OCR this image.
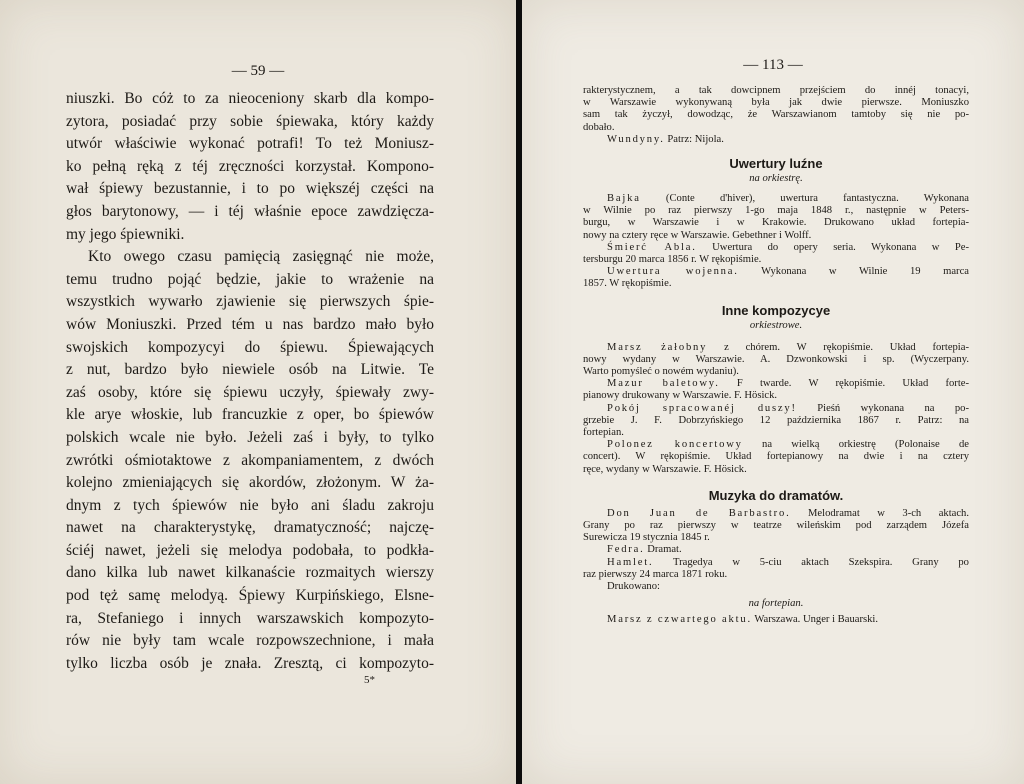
— 59 —
niuszki. Bo cóż to za nieoceniony skarb dla kompo-
zytora, posiadać przy sobie śpiewaka, który każdy
utwór właściwie wykonać potrafi! To też Moniusz-
ko pełną ręką z téj zręczności korzystał. Kompono-
wał śpiewy bezustannie, i to po większéj części na
głos barytonowy, — i téj właśnie epoce zawdzięcza-
my jego śpiewniki.
Kto owego czasu pamięcią zasięgnąć nie może,
temu trudno pojąć będzie, jakie to wrażenie na
wszystkich wywarło zjawienie się pierwszych śpie-
wów Moniuszki. Przed tém u nas bardzo mało było
swojskich kompozycyi do śpiewu. Śpiewających
z nut, bardzo było niewiele osób na Litwie. Te
zaś osoby, które się śpiewu uczyły, śpiewały zwy-
kle arye włoskie, lub francuzkie z oper, bo śpiewów
polskich wcale nie było. Jeżeli zaś i były, to tylko
zwrótki ośmiotaktowe z akompaniamentem, z dwóch
kolejno zmieniających się akordów, złożonym. W ża-
dnym z tych śpiewów nie było ani śladu zakroju
nawet na charakterystykę, dramatyczność; najczę-
ściéj nawet, jeżeli się melodya podobała, to podkła-
dano kilka lub nawet kilkanaście rozmaitych wierszy
pod tęż samę melodyą. Śpiewy Kurpińskiego, Elsne-
ra, Stefaniego i innych warszawskich kompozyto-
rów nie były tam wcale rozpowszechnione, i mała
tylko liczba osób je znała. Zresztą, ci kompozyto-
5*
— 113 —
rakterystycznem, a tak dowcipnem przejściem do innéj tonacyi,
w Warszawie wykonywaną była jak dwie pierwsze. Moniuszko
sam tak życzył, dowodząc, że Warszawianom tamtoby się nie po-
dobało.
Wundyny. Patrz: Nijola.
Uwertury luźne
na orkiestrę.
Bajka (Conte d'hiver), uwertura fantastyczna. Wykonana
w Wilnie po raz pierwszy 1-go maja 1848 r., następnie w Peters-
burgu, w Warszawie i w Krakowie. Drukowano układ fortepia-
nowy na cztery ręce w Warszawie. Gebethner i Wolff.
Śmierć Abla. Uwertura do opery seria. Wykonana w Pe-
tersburgu 20 marca 1856 r. W rękopiśmie.
Uwertura wojenna. Wykonana w Wilnie 19 marca
1857. W rękopiśmie.
Inne kompozycye
orkiestrowe.
Marsz żałobny z chórem. W rękopiśmie. Układ fortepia-
nowy wydany w Warszawie. A. Dzwonkowski i sp. (Wyczerpany.
Warto pomyśleć o nowém wydaniu).
Mazur baletowy. F twarde. W rękopiśmie. Układ forte-
pianowy drukowany w Warszawie. F. Hösick.
Pokój spracowanéj duszy! Pieśń wykonana na po-
grzebie J. F. Dobrzyńskiego 12 października 1867 r. Patrz: na
fortepian.
Polonez koncertowy na wielką orkiestrę (Polonaise de
concert). W rękopiśmie. Układ fortepianowy na dwie i na cztery
ręce, wydany w Warszawie. F. Hösick.
Muzyka do dramatów.
Don Juan de Barbastro. Melodramat w 3-ch aktach.
Grany po raz pierwszy w teatrze wileńskim pod zarządem Józefa
Surewicza 19 stycznia 1845 r.
Fedra. Dramat.
Hamlet. Tragedya w 5-ciu aktach Szekspira. Grany po
raz pierwszy 24 marca 1871 roku.
Drukowano:
na fortepian.
Marsz z czwartego aktu. Warszawa. Unger i Bauarski.
